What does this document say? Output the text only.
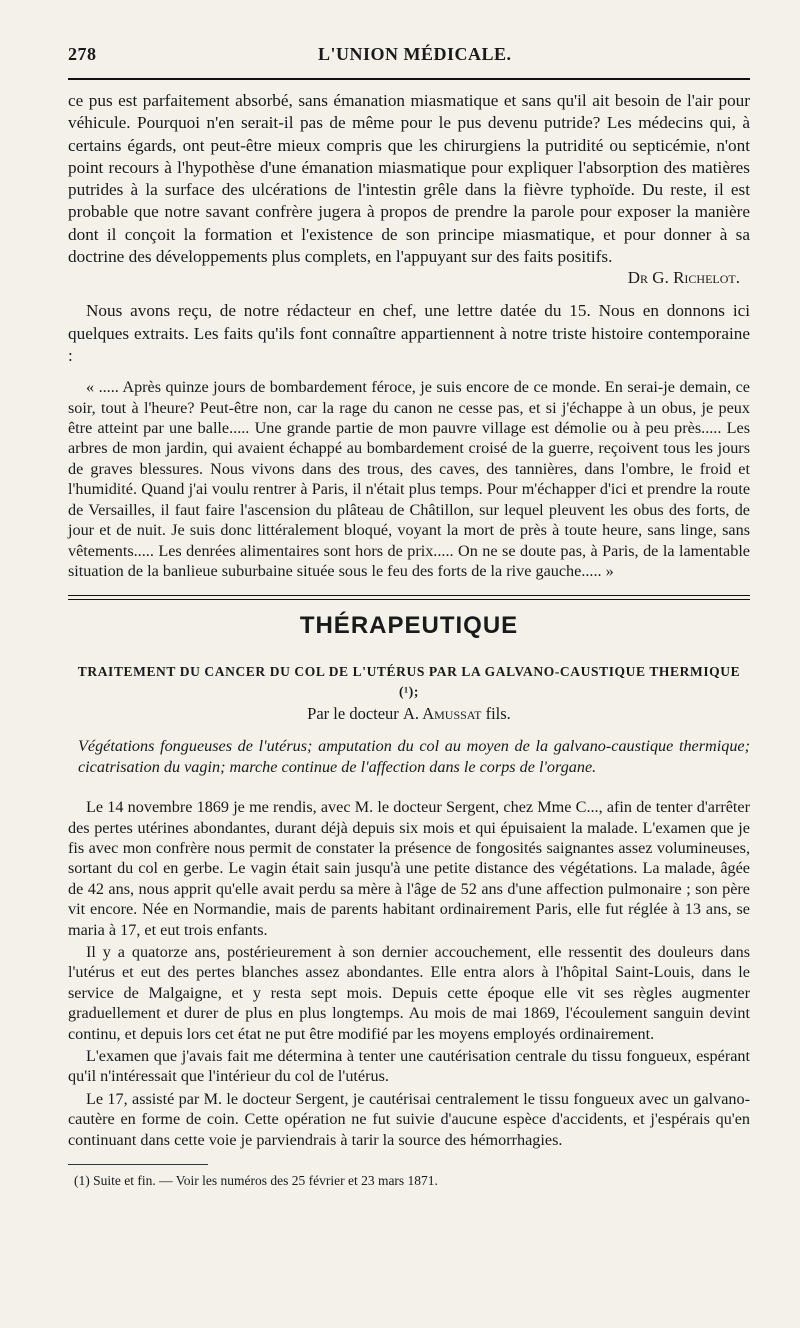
278	L'UNION MÉDICALE.

ce pus est parfaitement absorbé, sans émanation miasmatique et sans qu'il ait besoin de l'air pour véhicule. Pourquoi n'en serait-il pas de même pour le pus devenu putride? Les médecins qui, à certains égards, ont peut-être mieux compris que les chirurgiens la putridité ou septicémie, n'ont point recours à l'hypothèse d'une émanation miasmatique pour expliquer l'absorption des matières putrides à la surface des ulcérations de l'intestin grêle dans la fièvre typhoïde. Du reste, il est probable que notre savant confrère jugera à propos de prendre la parole pour exposer la manière dont il conçoit la formation et l'existence de son principe miasmatique, et pour donner à sa doctrine des développements plus complets, en l'appuyant sur des faits positifs.

Dr G. Richelot.

Nous avons reçu, de notre rédacteur en chef, une lettre datée du 15. Nous en donnons ici quelques extraits. Les faits qu'ils font connaître appartiennent à notre triste histoire contemporaine :

« ..... Après quinze jours de bombardement féroce, je suis encore de ce monde. En serai-je demain, ce soir, tout à l'heure? Peut-être non, car la rage du canon ne cesse pas, et si j'échappe à un obus, je peux être atteint par une balle..... Une grande partie de mon pauvre village est démolie ou à peu près..... Les arbres de mon jardin, qui avaient échappé au bombardement croisé de la guerre, reçoivent tous les jours de graves blessures. Nous vivons dans des trous, des caves, des tannières, dans l'ombre, le froid et l'humidité. Quand j'ai voulu rentrer à Paris, il n'était plus temps. Pour m'échapper d'ici et prendre la route de Versailles, il faut faire l'ascension du plâteau de Châtillon, sur lequel pleuvent les obus des forts, de jour et de nuit. Je suis donc littéralement bloqué, voyant la mort de près à toute heure, sans linge, sans vêtements..... Les denrées alimentaires sont hors de prix..... On ne se doute pas, à Paris, de la lamentable situation de la banlieue suburbaine située sous le feu des forts de la rive gauche..... »

THÉRAPEUTIQUE
TRAITEMENT DU CANCER DU COL DE L'UTÉRUS PAR LA GALVANO-CAUSTIQUE THERMIQUE (¹);
Par le docteur A. Amussat fils.

Végétations fongueuses de l'utérus; amputation du col au moyen de la galvano-caustique thermique; cicatrisation du vagin; marche continue de l'affection dans le corps de l'organe.

Le 14 novembre 1869 je me rendis, avec M. le docteur Sergent, chez Mme C..., afin de tenter d'arrêter des pertes utérines abondantes, durant déjà depuis six mois et qui épuisaient la malade. L'examen que je fis avec mon confrère nous permit de constater la présence de fongosités saignantes assez volumineuses, sortant du col en gerbe. Le vagin était sain jusqu'à une petite distance des végétations. La malade, âgée de 42 ans, nous apprit qu'elle avait perdu sa mère à l'âge de 52 ans d'une affection pulmonaire ; son père vit encore. Née en Normandie, mais de parents habitant ordinairement Paris, elle fut réglée à 13 ans, se maria à 17, et eut trois enfants.

Il y a quatorze ans, postérieurement à son dernier accouchement, elle ressentit des douleurs dans l'utérus et eut des pertes blanches assez abondantes. Elle entra alors à l'hôpital Saint-Louis, dans le service de Malgaigne, et y resta sept mois. Depuis cette époque elle vit ses règles augmenter graduellement et durer de plus en plus longtemps. Au mois de mai 1869, l'écoulement sanguin devint continu, et depuis lors cet état ne put être modifié par les moyens employés ordinairement.

L'examen que j'avais fait me détermina à tenter une cautérisation centrale du tissu fongueux, espérant qu'il n'intéressait que l'intérieur du col de l'utérus.

Le 17, assisté par M. le docteur Sergent, je cautérisai centralement le tissu fongueux avec un galvano-cautère en forme de coin. Cette opération ne fut suivie d'aucune espèce d'accidents, et j'espérais qu'en continuant dans cette voie je parviendrais à tarir la source des hémorrhagies.

(1) Suite et fin. — Voir les numéros des 25 février et 23 mars 1871.
